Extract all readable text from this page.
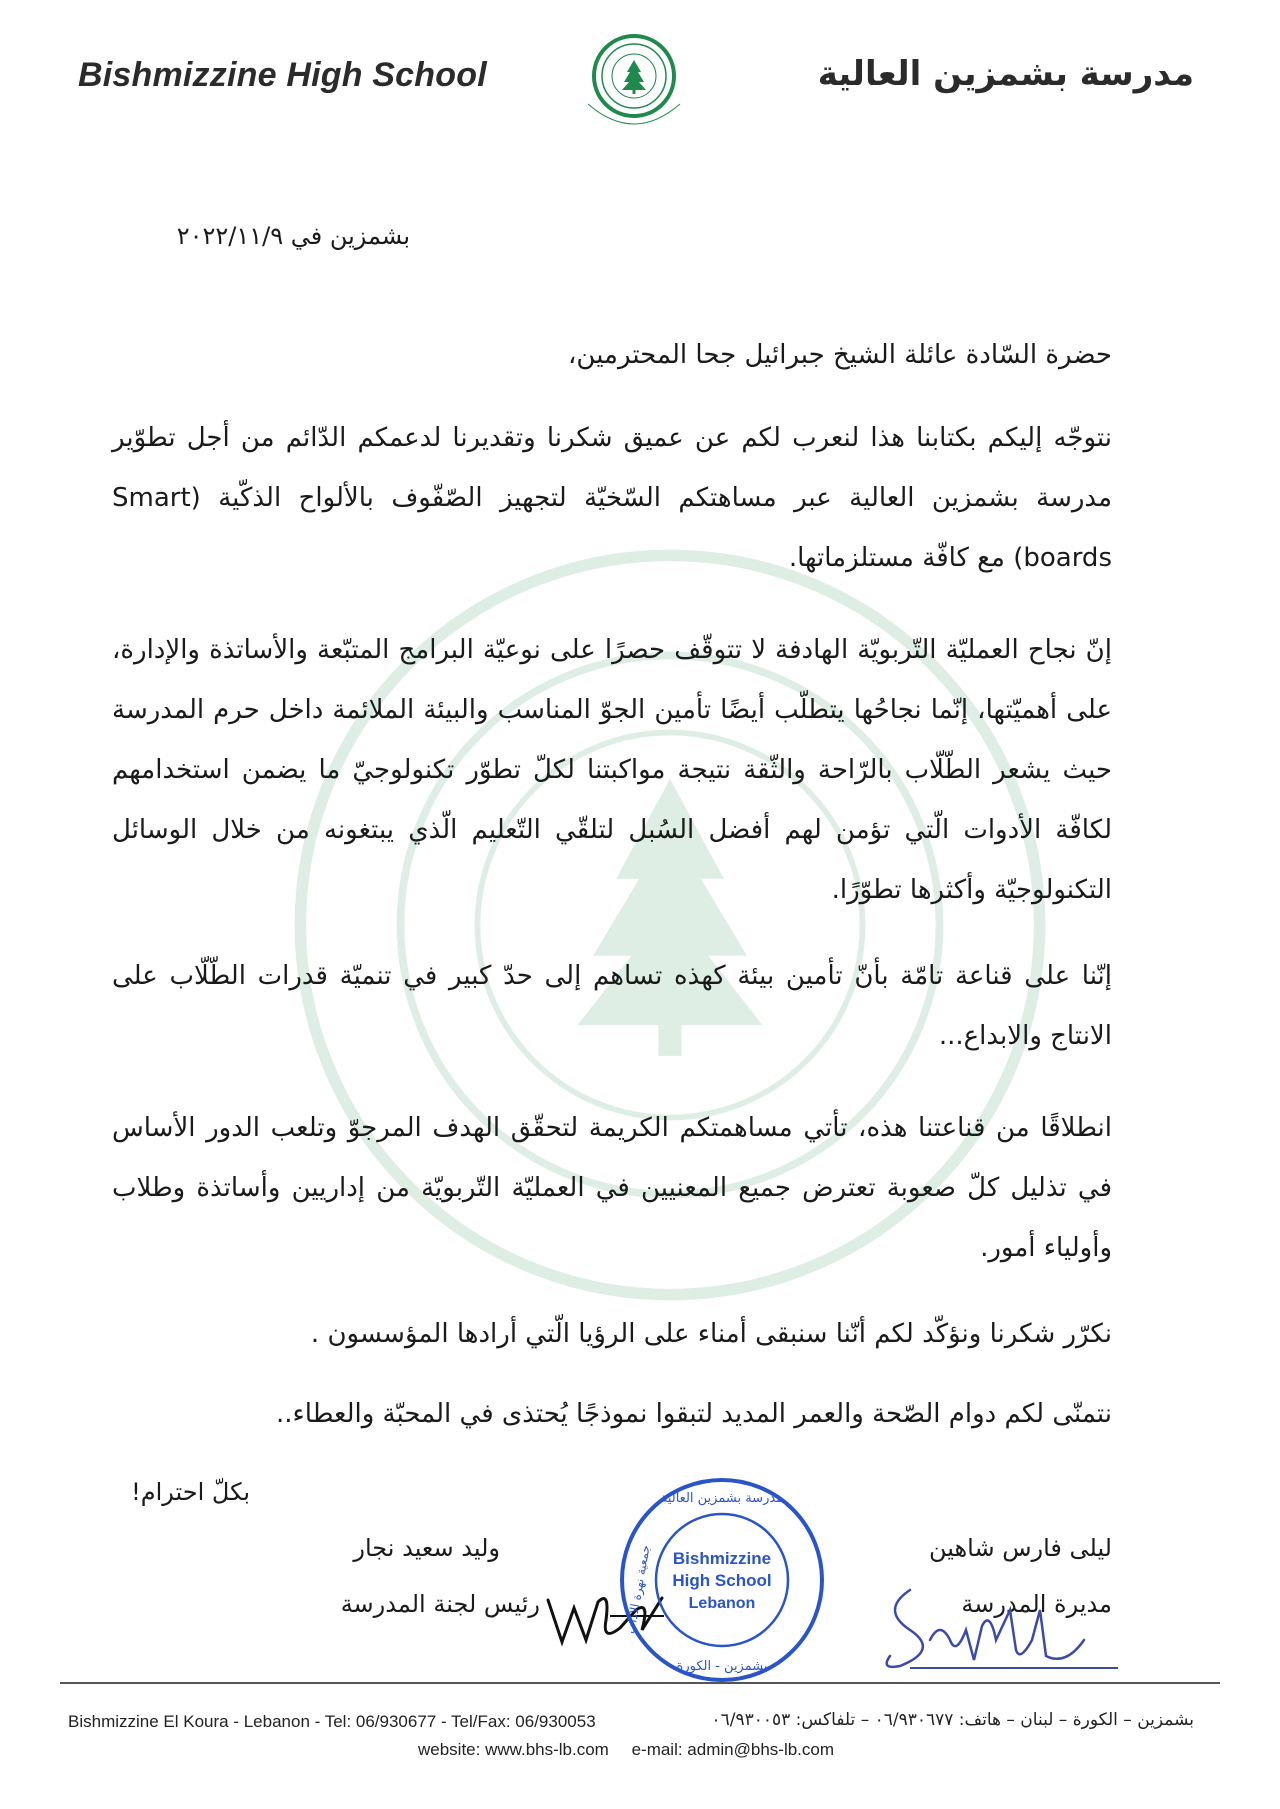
Bishmizzine High School	مدرسة بشمزين العالية
بشمزين في ٢٠٢٢/١١/٩
حضرة السّادة عائلة الشيخ جبرائيل جحا المحترمين،
نتوجّه إليكم بكتابنا هذا لنعرب لكم عن عميق شكرنا وتقديرنا لدعمكم الدّائم من أجل تطوّير مدرسة بشمزين العالية عبر مساهتكم السّخيّة لتجهيز الصّفّوف بالألواح الذكّية (Smart boards) مع كافّة مستلزماتها.
إنّ نجاح العمليّة التّربويّة الهادفة لا تتوقّف حصرًا على نوعيّة البرامج المتبّعة والأساتذة والإدارة، على أهميّتها، إنّما نجاحُها يتطلّب أيضًا تأمين الجوّ المناسب والبيئة الملائمة داخل حرم المدرسة حيث يشعر الطّلّاب بالرّاحة والثّقة نتيجة مواكبتنا لكلّ تطوّر تكنولوجيّ ما يضمن استخدامهم لكافّة الأدوات الّتي تؤمن لهم أفضل السُبل لتلقّي التّعليم الّذي يبتغونه من خلال الوسائل التكنولوجيّة وأكثرها تطوّرًا.
إنّنا على قناعة تامّة بأنّ تأمين بيئة كهذه تساهم إلى حدّ كبير في تنميّة قدرات الطّلّاب على الانتاج والابداع...
انطلاقًا من قناعتنا هذه، تأتي مساهمتكم الكريمة لتحقّق الهدف المرجوّ وتلعب الدور الأساس في تذليل كلّ صعوبة تعترض جميع المعنيين في العمليّة التّربويّة من إداريين وأساتذة وطلاب وأولياء أمور.
نكرّر شكرنا ونؤكّد لكم أنّنا سنبقى أمناء على الرؤيا الّتي أرادها المؤسسون .
نتمنّى لكم دوام الصّحة والعمر المديد لتبقوا نموذجًا يُحتذى في المحبّة والعطاء..
بكلّ احترام!
وليد سعيد نجار
رئيس لجنة المدرسة
Bishmizzine
High School
Lebanon
مدرسة بشمزين العالية
بشمزين - الكورة
جمعية نهرة الآداب	ليلى فارس شاهين
مديرة المدرسة
Bishmizzine El Koura - Lebanon - Tel: 06/930677 - Tel/Fax: 06/930053	بشمزين – الكورة – لبنان – هاتف: ٠٦/٩٣٠٦٧٧ – تلفاكس: ٠٦/٩٣٠٠٥٣
website: www.bhs-lb.com e-mail: admin@bhs-lb.com
